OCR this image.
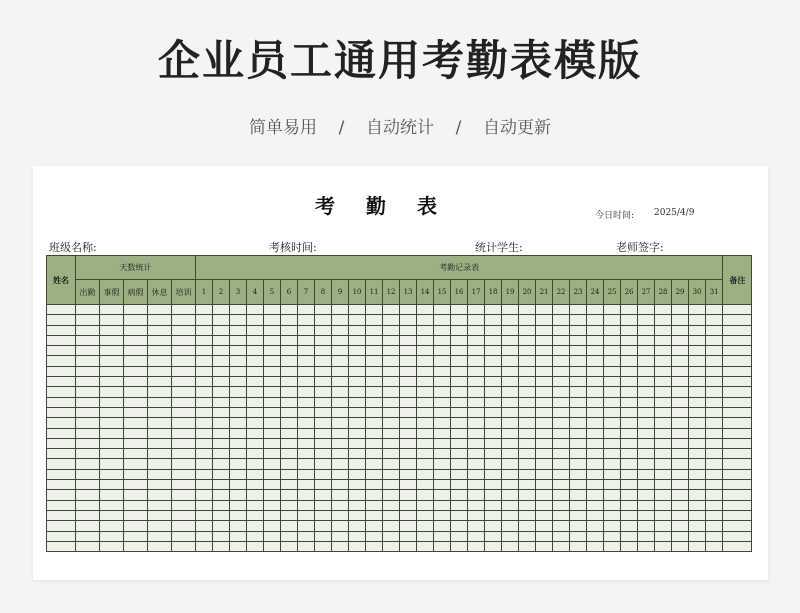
企业员工通用考勤表模版
简单易用    /    自动统计    /    自动更新
考 勤 表	今日时间: 2025/4/9
班级名称:	考核时间:	统计学生:	老师签字:
姓名	天数统计					考勤记录表																															备注
	出勤	事假	病假	休息	培训	1	2	3	4	5	6	7	8	9	10	11	12	13	14	15	16	17	18	19	20	21	22	23	24	25	26	27	28	29	30	31	
